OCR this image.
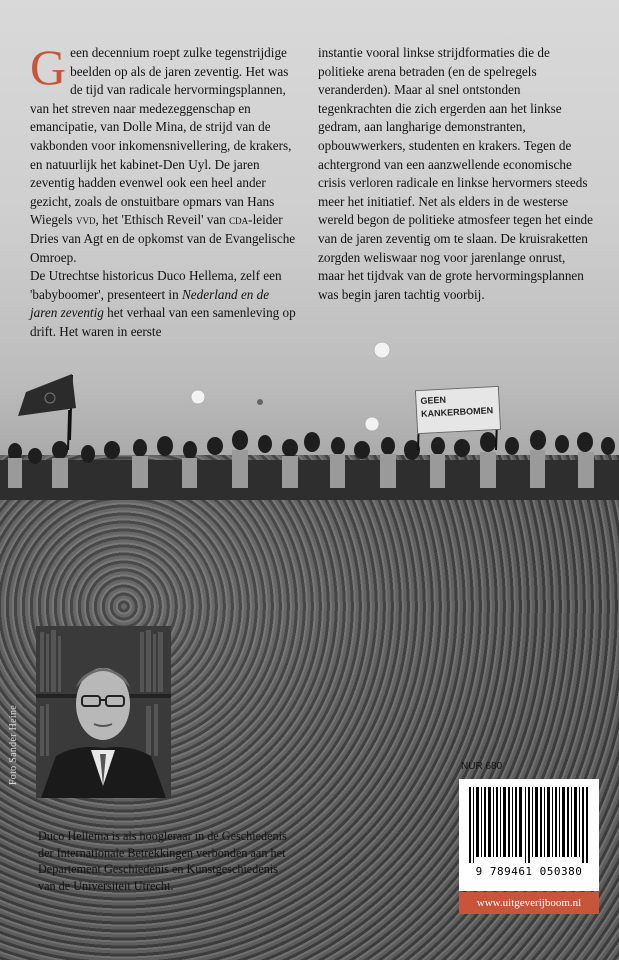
GEEN
KANKERBOMEN

Geen decennium roept zulke tegenstrijdige beelden op als de jaren zeventig. Het was de tijd van radicale hervormingsplannen, van het streven naar medezeggenschap en emancipatie, van Dolle Mina, de strijd van de vakbonden voor inkomensnivellering, de krakers, en natuurlijk het kabinet-Den Uyl. De jaren zeventig hadden evenwel ook een heel ander gezicht, zoals de onstuitbare opmars van Hans Wiegels vvd, het 'Ethisch Reveil' van cda-leider Dries van Agt en de opkomst van de Evangelische Omroep.

De Utrechtse historicus Duco Hellema, zelf een 'babyboomer', presenteert in Nederland en de jaren zeventig het verhaal van een samenleving op drift. Het waren in eerste

instantie vooral linkse strijdformaties die de politieke arena betraden (en de spelregels veranderden). Maar al snel ontstonden tegenkrachten die zich ergerden aan het linkse gedram, aan langharige demonstranten, opbouwwerkers, studenten en krakers. Tegen de achtergrond van een aanzwellende economische crisis verloren radicale en linkse hervormers steeds meer het initiatief. Net als elders in de westerse wereld begon de politieke atmosfeer tegen het einde van de jaren zeventig om te slaan. De kruisraketten zorgden weliswaar nog voor jarenlange onrust, maar het tijdvak van de grote hervormingsplannen was begin jaren tachtig voorbij.

Foto Sander Heine
Duco Hellema is als hoogleraar in de Geschiedenis der Internationale Betrekkingen verbonden aan het Departement Geschiedenis en Kunstgeschiedenis van de Universiteit Utrecht.
NUR 680
9 789461 050380
www.uitgeverijboom.nl
